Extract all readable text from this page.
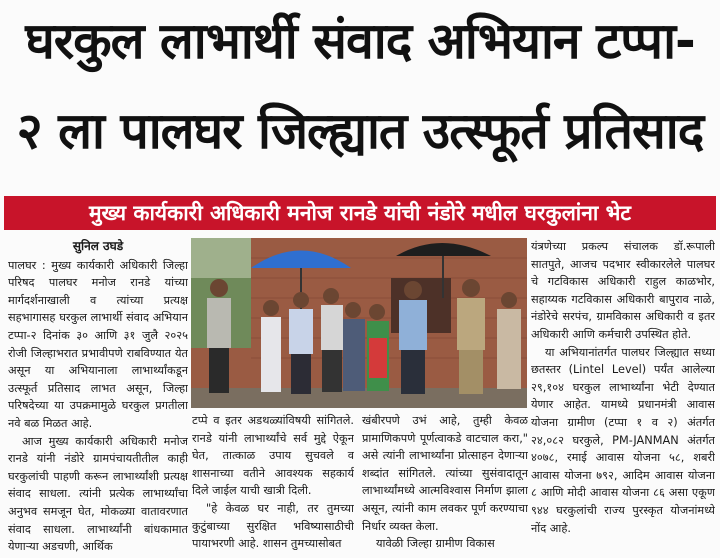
घरकुल लाभार्थी संवाद अभियान टप्पा-
२ ला पालघर जिल्ह्यात उत्स्फूर्त प्रतिसाद
मुख्य कार्यकारी अधिकारी मनोज रानडे यांची नंडोरे मधील घरकुलांना भेट

सुनिल उघडे

पालघर : मुख्य कार्यकारी अधिकारी जिल्हा परिषद पालघर मनोज रानडे यांच्या मार्गदर्शनाखाली व त्यांच्या प्रत्यक्ष सहभागासह घरकुल लाभार्थी संवाद अभियान टप्पा-२ दिनांक ३० आणि ३१ जुलै २०२५ रोजी जिल्हाभरात प्रभावीपणे राबविण्यात येत असून या अभियानाला लाभार्थ्यांकडून उत्स्फूर्त प्रतिसाद लाभत असून, जिल्हा परिषदेच्या या उपक्रमामुळे घरकुल प्रगतीला नवे बळ मिळत आहे.

आज मुख्य कार्यकारी अधिकारी मनोज रानडे यांनी नंडोरे ग्रामपंचायतीतील काही घरकुलांची पाहणी करून लाभार्थ्यांशी प्रत्यक्ष संवाद साधला. त्यांनी प्रत्येक लाभार्थ्यांचा अनुभव समजून घेत, मोकळ्या वातावरणात संवाद साधला. लाभार्थ्यांनी बांधकामात येणाऱ्या अडचणी, आर्थिक

टप्पे व इतर अडथळ्यांविषयी सांगितले. रानडे यांनी लाभार्थ्यांचे सर्व मुद्दे ऐकून घेत, तात्काळ उपाय सुचवले व शासनाच्या वतीने आवश्यक सहकार्य दिले जाईल याची खात्री दिली.

"हे केवळ घर नाही, तर तुमच्या कुटुंबाच्या सुरक्षित भविष्यासाठीची पायाभरणी आहे. शासन तुमच्यासोबत

खंबीरपणे उभं आहे, तुम्ही केवळ प्रामाणिकपणे पूर्णत्वाकडे वाटचाल करा," असे त्यांनी लाभार्थ्यांना प्रोत्साहन देणाऱ्या शब्दांत सांगितले. त्यांच्या सुसंवादातून लाभार्थ्यांमध्ये आत्मविश्वास निर्माण झाला असून, त्यांनी काम लवकर पूर्ण करण्याचा निर्धार व्यक्त केला.

यावेळी जिल्हा ग्रामीण विकास

यंत्रणेच्या प्रकल्प संचालक डॉ.रूपाली सातपुते, आजच पदभार स्वीकारलेले पालघर चे गटविकास अधिकारी राहुल काळभोर, सहाय्यक गटविकास अधिकारी बापुराव नाळे, नंडोरेचे सरपंच, ग्रामविकास अधिकारी व इतर अधिकारी आणि कर्मचारी उपस्थित होते.

या अभियानांतर्गत पालघर जिल्ह्यात सध्या छतस्तर (Lintel Level) पर्यंत आलेल्या २९,१०४ घरकुल लाभार्थ्यांना भेटी देण्यात येणार आहेत. यामध्ये प्रधानमंत्री आवास योजना ग्रामीण (टप्पा १ व २) अंतर्गत २४,०८२ घरकुले, PM-JANMAN अंतर्गत ४०७८, रमाई आवास योजना ५८, शबरी आवास योजना ७९२, आदिम आवास योजना ८ आणि मोदी आवास योजना ८६ असा एकूण ९४४ घरकुलांची राज्य पुरस्कृत योजनांमध्ये नोंद आहे.
